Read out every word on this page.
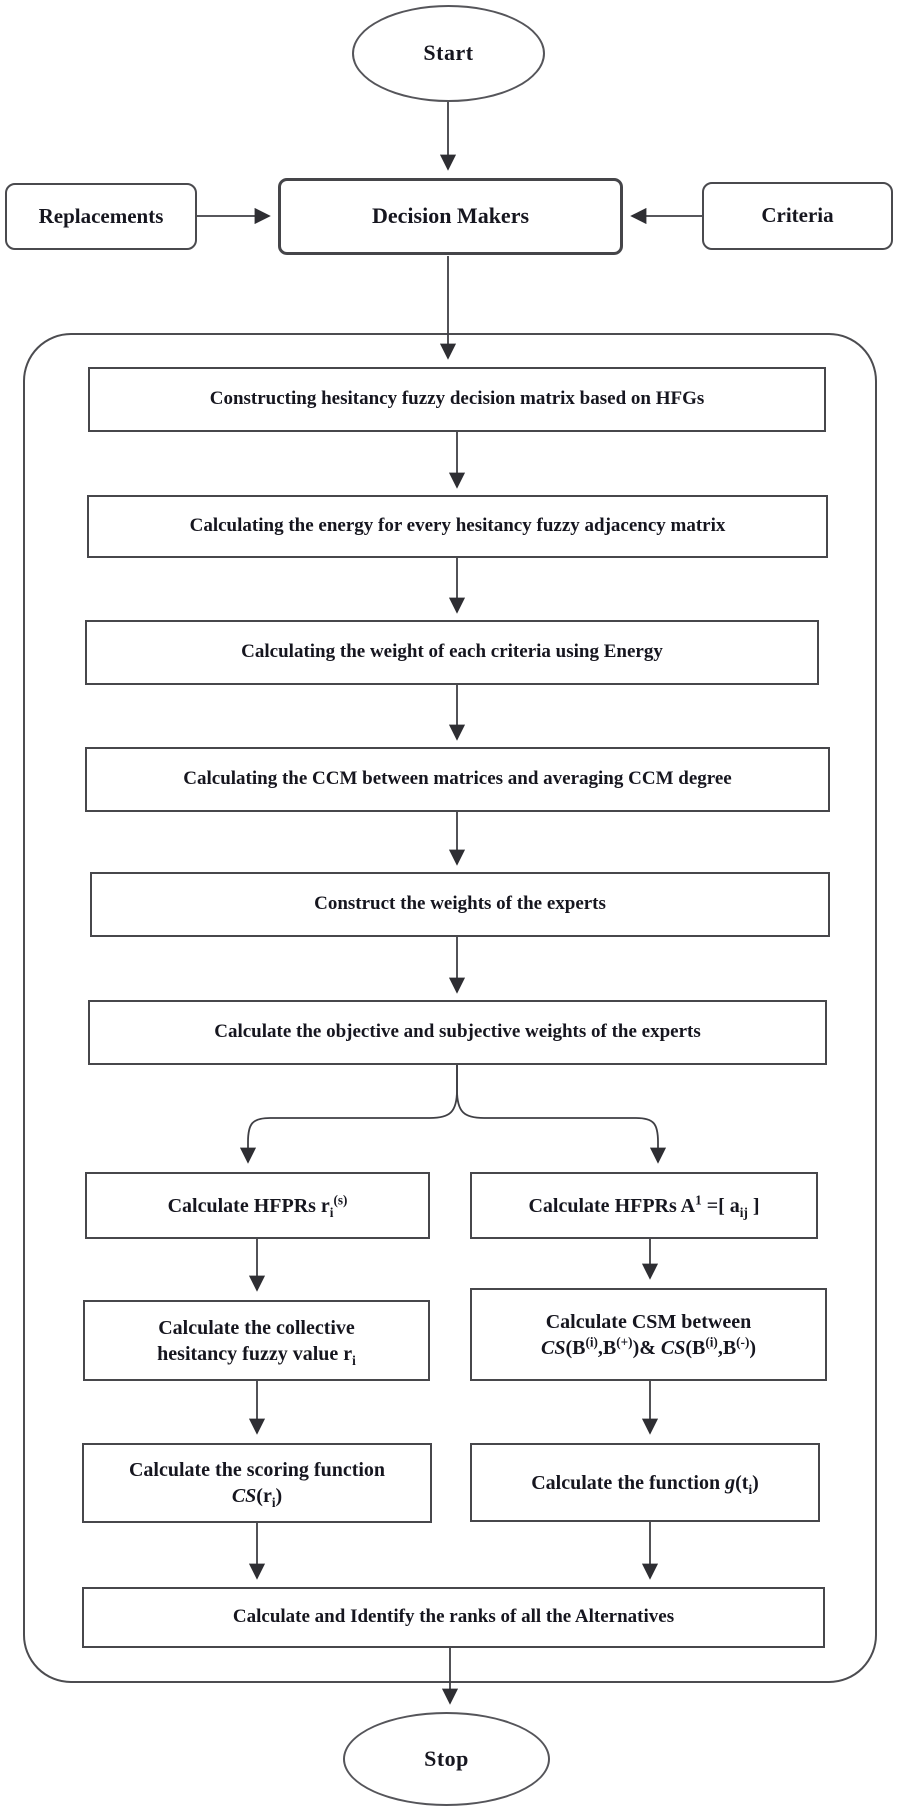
Start
Replacements	Decision Makers	Criteria
Constructing hesitancy fuzzy decision matrix based on HFGs
Calculating the energy for every hesitancy fuzzy adjacency matrix
Calculating the weight of each criteria using Energy
Calculating the CCM between matrices and averaging CCM degree
Construct the weights of the experts
Calculate the objective and subjective weights of the experts
Calculate HFPRs $r_i^{(s)}$
Calculate the collective
hesitancy fuzzy value $r_i$
Calculate the scoring function
$CS(r_i)$
Calculate HFPRs $A^1$ =[ $a_{ij}$ ]
Calculate CSM between
$CS(B^{(i)},B^{(+)})\&$ $CS(B^{(i)},B^{(-)})$
Calculate the function $g(t_i)$
Calculate and Identify the ranks of all the Alternatives
Stop
